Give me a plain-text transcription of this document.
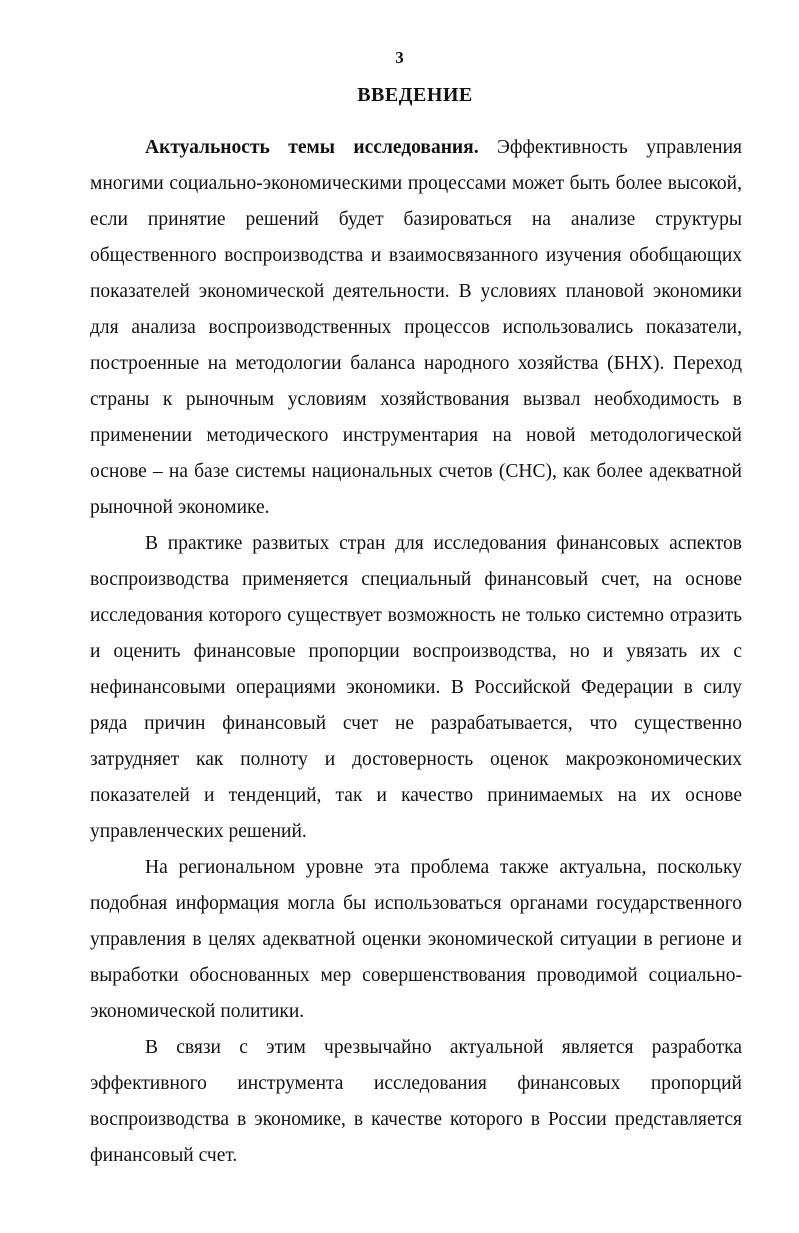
3
ВВЕДЕНИЕ

Актуальность темы исследования. Эффективность управления многими социально-экономическими процессами может быть более высокой, если принятие решений будет базироваться на анализе структуры общественного воспроизводства и взаимосвязанного изучения обобщающих показателей экономической деятельности. В условиях плановой экономики для анализа воспроизводственных процессов использовались показатели, построенные на методологии баланса народного хозяйства (БНХ). Переход страны к рыночным условиям хозяйствования вызвал необходимость в применении методического инструментария на новой методологической основе – на базе системы национальных счетов (СНС), как более адекватной рыночной экономике.

В практике развитых стран для исследования финансовых аспектов воспроизводства применяется специальный финансовый счет, на основе исследования которого существует возможность не только системно отразить и оценить финансовые пропорции воспроизводства, но и увязать их с нефинансовыми операциями экономики. В Российской Федерации в силу ряда причин финансовый счет не разрабатывается, что существенно затрудняет как полноту и достоверность оценок макроэкономических показателей и тенденций, так и качество принимаемых на их основе управленческих решений.

На региональном уровне эта проблема также актуальна, поскольку подобная информация могла бы использоваться органами государственного управления в целях адекватной оценки экономической ситуации в регионе и выработки обоснованных мер совершенствования проводимой социально-экономической политики.

В связи с этим чрезвычайно актуальной является разработка эффективного инструмента исследования финансовых пропорций воспроизводства в экономике, в качестве которого в России представляется финансовый счет.
